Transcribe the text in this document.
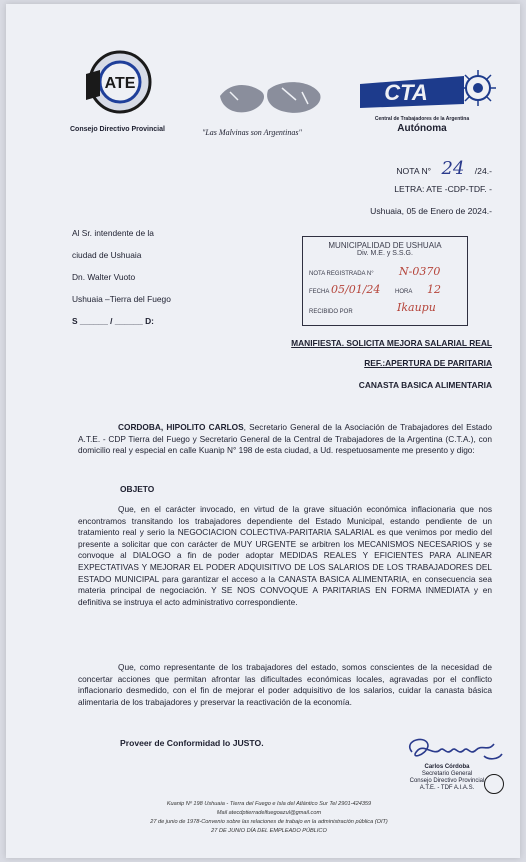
ATE
Consejo Directivo Provincial	"Las Malvinas son Argentinas"
CTA
Central de Trabajadores de la Argentina
Autónoma
NOTA N° 24 /24.-
LETRA: ATE -CDP-TDF. -
Ushuaia, 05 de Enero de 2024.-
Al Sr. intendente de la
ciudad de Ushuaia
Dn. Walter Vuoto
Ushuaia –Tierra del Fuego
S ______ / ______ D:
MUNICIPALIDAD DE USHUAIA
Div. M.E. y S.S.G.
NOTA REGISTRADA N° N-0370
FECHA 05/01/24 HORA 12
RECIBIDO POR	Ikaupu
MANIFIESTA. SOLICITA MEJORA SALARIAL REAL
REF.:APERTURA DE PARITARIA
CANASTA BASICA ALIMENTARIA
CORDOBA, HIPOLITO CARLOS, Secretario General de la Asociación de Trabajadores del Estado A.T.E. - CDP Tierra del Fuego y Secretario General de la Central de Trabajadores de la Argentina (C.T.A.), con domicilio real y especial en calle Kuanip N° 198 de esta ciudad, a Ud. respetuosamente me presento y digo:
OBJETO
Que, en el carácter invocado, en virtud de la grave situación económica inflacionaria que nos encontramos transitando los trabajadores dependiente del Estado Municipal, estando pendiente de un tratamiento real y serio la NEGOCIACION COLECTIVA-PARITARIA SALARIAL es que venimos por medio del presente a solicitar que con carácter de MUY URGENTE se arbitren los MECANISMOS NECESARIOS y se convoque al DIALOGO a fin de poder adoptar MEDIDAS REALES Y EFICIENTES PARA ALINEAR EXPECTATIVAS Y MEJORAR EL PODER ADQUISITIVO DE LOS SALARIOS DE LOS TRABAJADORES DEL ESTADO MUNICIPAL para garantizar el acceso a la CANASTA BASICA ALIMENTARIA, en consecuencia sea materia principal de negociación. Y SE NOS CONVOQUE A PARITARIAS EN FORMA INMEDIATA y en definitiva se instruya el acto administrativo correspondiente.
Que, como representante de los trabajadores del estado, somos conscientes de la necesidad de concertar acciones que permitan afrontar las dificultades económicas locales, agravadas por el conflicto inflacionario desmedido, con el fin de mejorar el poder adquisitivo de los salarios, cuidar la canasta básica alimentaria de los trabajadores y preservar la reactivación de la economía.
Proveer de Conformidad lo JUSTO.
Carlos Córdoba
Secretario General
Consejo Directivo Provincial
A.T.E. - TDF A.I.A.S.
Kuanip Nº 198 Ushuaia - Tierra del Fuego e Isla del Atlántico Sur Tel 2901-424359
Mail atecdptierradelfuegoazul@gmail.com
27 de junio de 1978-Convenio sobre las relaciones de trabajo en la administración pública (OIT)
27 DE JUNIO DÍA DEL EMPLEADO PÚBLICO
